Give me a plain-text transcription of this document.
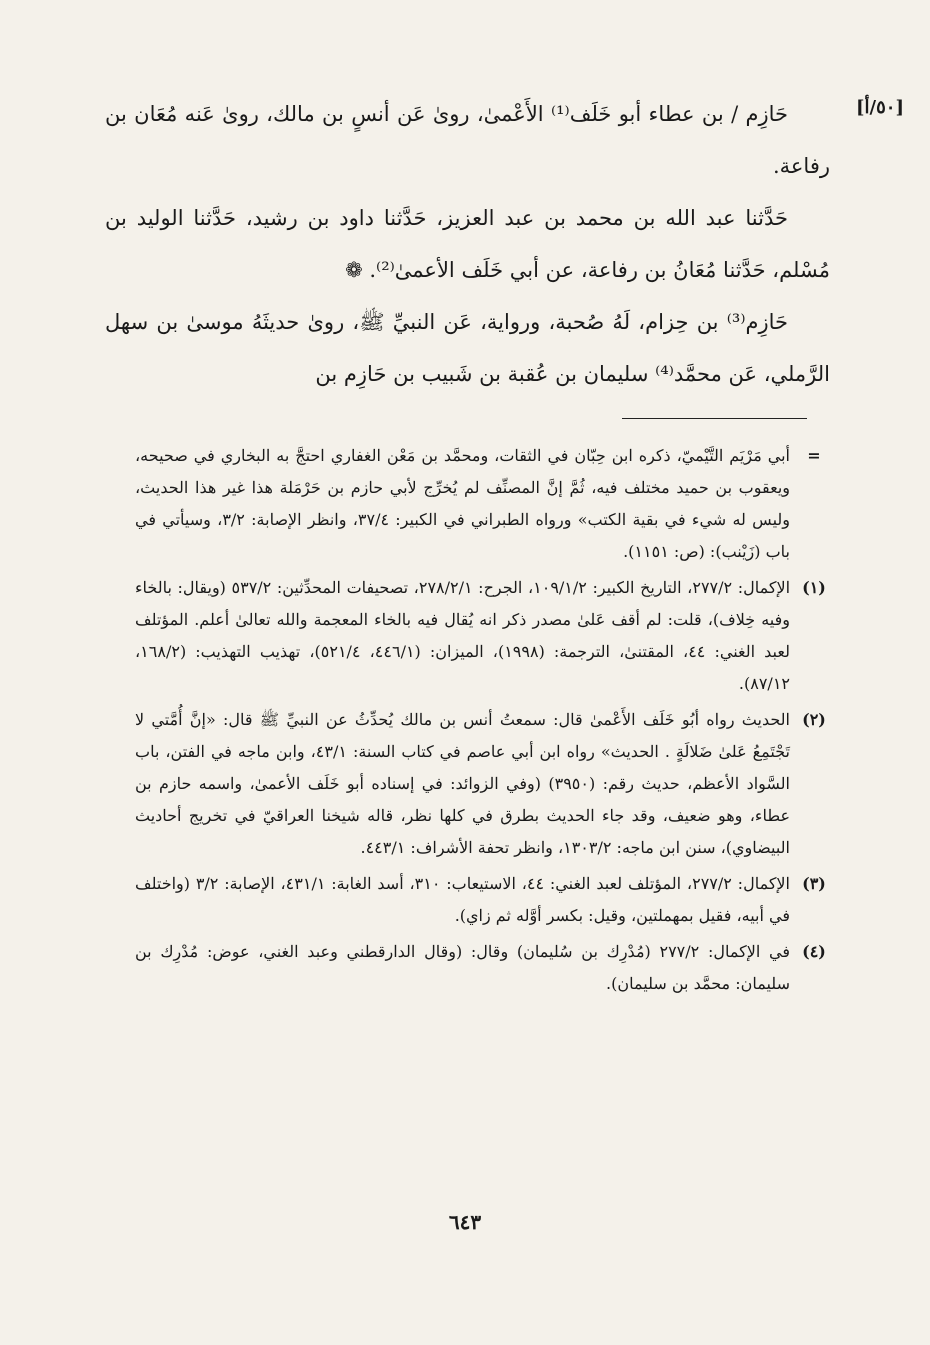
[٥٠/أ]

حَازِم / بن عطاء أبو خَلَف⁽¹⁾ الأَعْمىٰ، روىٰ عَن أنسٍ بن مالك، روىٰ عَنه مُعَان بن رفاعة.

حَدَّثنا عبد الله بن محمد بن عبد العزيز، حَدَّثنا داود بن رشيد، حَدَّثنا الوليد بن مُسْلم، حَدَّثنا مُعَانُ بن رفاعة، عن أبي خَلَف الأعمىٰ⁽²⁾. ❁

حَازِم⁽³⁾ بن حِزام، لَهُ صُحبة، ورواية، عَن النبيِّ ﷺ، روىٰ حديثَهُ موسىٰ بن سهل الرَّملي، عَن محمَّد⁽⁴⁾ سليمان بن عُقبة بن شَبيب بن حَازِم بن

=
أبي مَرْيَم التَّيْميّ، ذكره ابن حِبّان في الثقات، ومحمَّد بن مَعْن الغفاري احتجَّ به البخاري في صحيحه، ويعقوب بن حميد مختلف فيه، ثُمَّ إنَّ المصنِّف لم يُخرِّج لأبي حازم بن حَرْمَلة هذا غير هذا الحديث، وليس له شيء في بقية الكتب» ورواه الطبراني في الكبير: ٣٧/٤، وانظر الإصابة: ٣/٢، وسيأتي في باب (زَيْنب): (ص: ١١٥١).
(١)
الإكمال: ٢٧٧/٢، التاريخ الكبير: ١٠٩/١/٢، الجرح: ٢٧٨/٢/١، تصحيفات المحدِّثين: ٥٣٧/٢ (ويقال: بالخاء وفيه خِلاف)، قلت: لم أقف عَلىٰ مصدر ذكر انه يُقال فيه بالخاء المعجمة والله تعالىٰ أعلم. المؤتلف لعبد الغني: ٤٤، المقتنىٰ، الترجمة: (١٩٩٨)، الميزان: (٤٤٦/١، ٥٢١/٤)، تهذيب التهذيب: (١٦٨/٢، ٨٧/١٢).
(٢)
الحديث رواه أبُو خَلَف الأَعْمىٰ قال: سمعتُ أنس بن مالك يُحدِّثُ عن النبيِّ ﷺ قال: «إنَّ أُمَّتي لا تَجْتَمِعُ عَلىٰ ضَلالَةٍ . الحديث» رواه ابن أبي عاصم في كتاب السنة: ٤٣/١، وابن ماجه في الفتن، باب السَّواد الأعظم، حديث رقم: (٣٩٥٠) (وفي الزوائد: في إسناده أبو خَلَف الأعمىٰ، واسمه حازم بن عطاء، وهو ضعيف، وقد جاء الحديث بطرق في كلها نظر، قاله شيخنا العراقيّ في تخريج أحاديث البيضاوي)، سنن ابن ماجه: ١٣٠٣/٢، وانظر تحفة الأشراف: ٤٤٣/١.
(٣)
الإكمال: ٢٧٧/٢، المؤتلف لعبد الغني: ٤٤، الاستيعاب: ٣١٠، أسد الغابة: ٤٣١/١، الإصابة: ٣/٢ (واختلف في أبيه، فقيل بمهملتين، وقيل: بكسر أوَّله ثم زاي).
(٤)
في الإكمال: ٢٧٧/٢ (مُدْرِك بن سُليمان) وقال: (وقال الدارقطني وعبد الغني، عوض: مُدْرِك بن سليمان: محمَّد بن سليمان).
٦٤٣
